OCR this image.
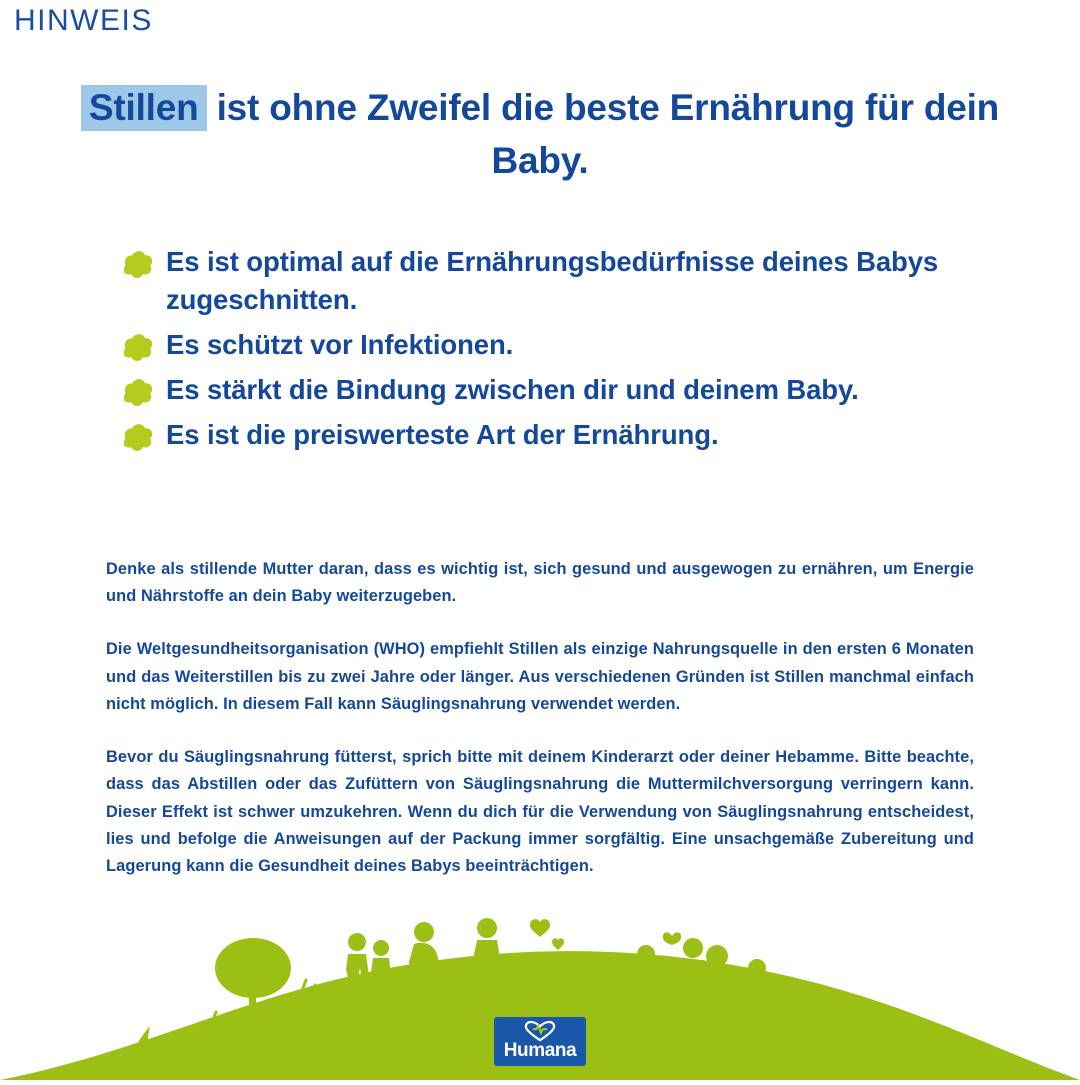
HINWEIS
Stillen ist ohne Zweifel die beste Ernährung für dein Baby.
Es ist optimal auf die Ernährungsbedürfnisse deines Babys zugeschnitten.
Es schützt vor Infektionen.
Es stärkt die Bindung zwischen dir und deinem Baby.
Es ist die preiswerteste Art der Ernährung.

Denke als stillende Mutter daran, dass es wichtig ist, sich gesund und ausgewogen zu ernähren, um Energie und Nährstoffe an dein Baby weiterzugeben.

Die Weltgesundheitsorganisation (WHO) empfiehlt Stillen als einzige Nahrungsquelle in den ersten 6 Monaten und das Weiterstillen bis zu zwei Jahre oder länger. Aus verschiedenen Gründen ist Stillen manchmal einfach nicht möglich. In diesem Fall kann Säuglingsnahrung verwendet werden.

Bevor du Säuglingsnahrung fütterst, sprich bitte mit deinem Kinderarzt oder deiner Hebamme. Bitte beachte, dass das Abstillen oder das Zufüttern von Säuglingsnahrung die Muttermilchversorgung verringern kann. Dieser Effekt ist schwer umzukehren. Wenn du dich für die Verwendung von Säuglingsnahrung entscheidest, lies und befolge die Anweisungen auf der Packung immer sorgfältig. Eine unsachgemäße Zubereitung und Lagerung kann die Gesundheit deines Babys beeinträchtigen.

Humana
